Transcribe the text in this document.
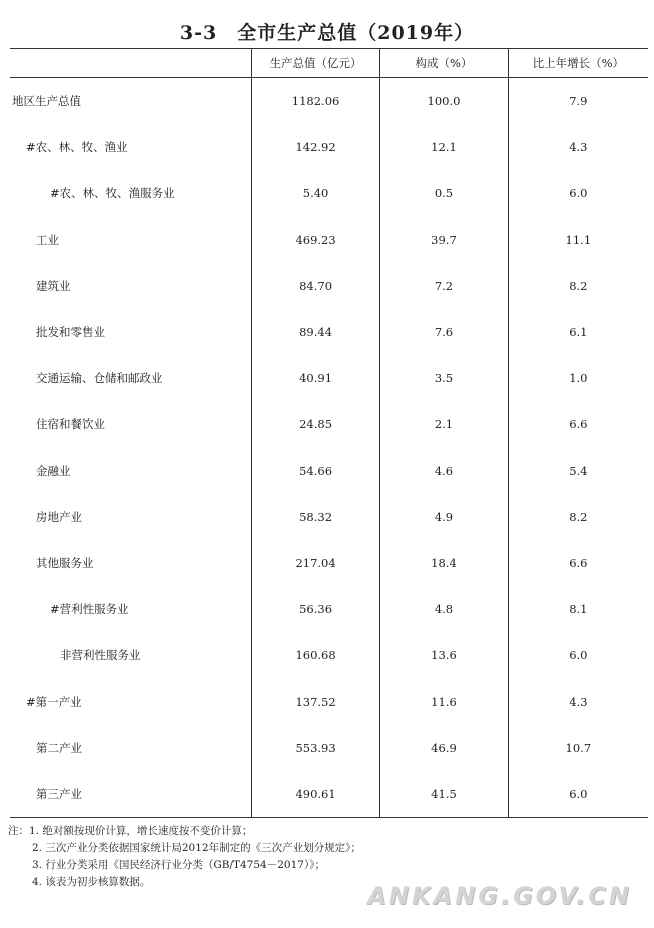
3-3　全市生产总值（2019年）
	生产总值（亿元）	构成（%）	比上年增长（%）
地区生产总值	1182.06	100.0	7.9
#农、林、牧、渔业	142.92	12.1	4.3
#农、林、牧、渔服务业	5.40	0.5	6.0
工业	469.23	39.7	11.1
建筑业	84.70	7.2	8.2
批发和零售业	89.44	7.6	6.1
交通运输、仓储和邮政业	40.91	3.5	1.0
住宿和餐饮业	24.85	2.1	6.6
金融业	54.66	4.6	5.4
房地产业	58.32	4.9	8.2
其他服务业	217.04	18.4	6.6
#营利性服务业	56.36	4.8	8.1
非营利性服务业	160.68	13.6	6.0
#第一产业	137.52	11.6	4.3
第二产业	553.93	46.9	10.7
第三产业	490.61	41.5	6.0
注：1. 绝对额按现价计算，增长速度按不变价计算；
2. 三次产业分类依据国家统计局2012年制定的《三次产业划分规定》；
3. 行业分类采用《国民经济行业分类（GB/T4754－2017）》；
4. 该表为初步核算数据。	ANKANG.GOV.CN
